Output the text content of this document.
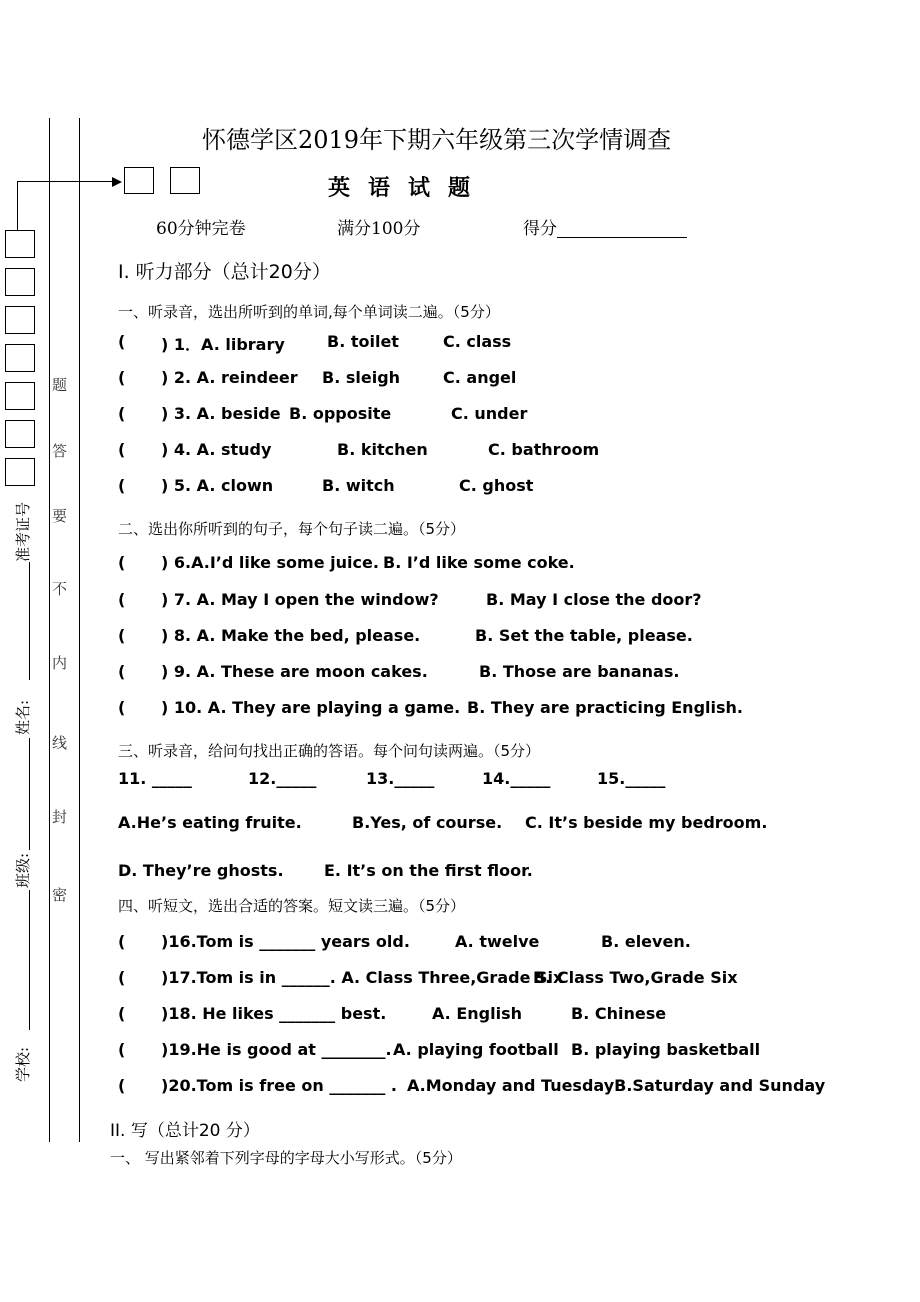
题
答
要
不
内
线
封
密
准考证号
姓名:
班级:
学校:
怀德学区2019年下期六年级第三次学情调查
英语试题
60分钟完卷	满分100分	得分
I. 听力部分（总计20分）
一、听录音，选出所听到的单词,每个单词读二遍。（5分）
( ) 1．A. library	B. toilet	C. class
( ) 2. A. reindeer B. sleigh	C. angel
( ) 3. A. beside B. opposite	C. under
( ) 4. A. study	B. kitchen	C. bathroom
( ) 5. A. clown	B. witch	C. ghost
二、选出你所听到的句子，每个句子读二遍。（5分）
( ) 6.A.I’d like some juice. B. I’d like some coke.
( ) 7. A. May I open the window?	B. May I close the door?
( ) 8. A. Make the bed, please.	B. Set the table, please.
( ) 9. A. These are moon cakes.	B. Those are bananas.
( ) 10. A. They are playing a game. B. They are practicing English.
三、听录音，给问句找出正确的答语。每个问句读两遍。（5分）
11. _____	12._____	13._____	14._____	15._____
A.He’s eating fruite.	B.Yes, of course. C. It’s beside my bedroom.
D. They’re ghosts.	E. It’s on the first floor.
四、听短文，选出合适的答案。短文读三遍。（5分）
( )16.Tom is _______ years old.	A. twelve	B. eleven.
( )17.Tom is in ______. A. Class Three,Grade Six
B. Class Two,Grade Six
( )18. He likes _______ best.	A. English	B. Chinese
( )19.He is good at ________. A. playing football B. playing basketball
( )20.Tom is free on _______ . A.Monday and TuesdayB.Saturday and Sunday
II. 写（总计20 分）
一、 写出紧邻着下列字母的字母大小写形式。（5分）
